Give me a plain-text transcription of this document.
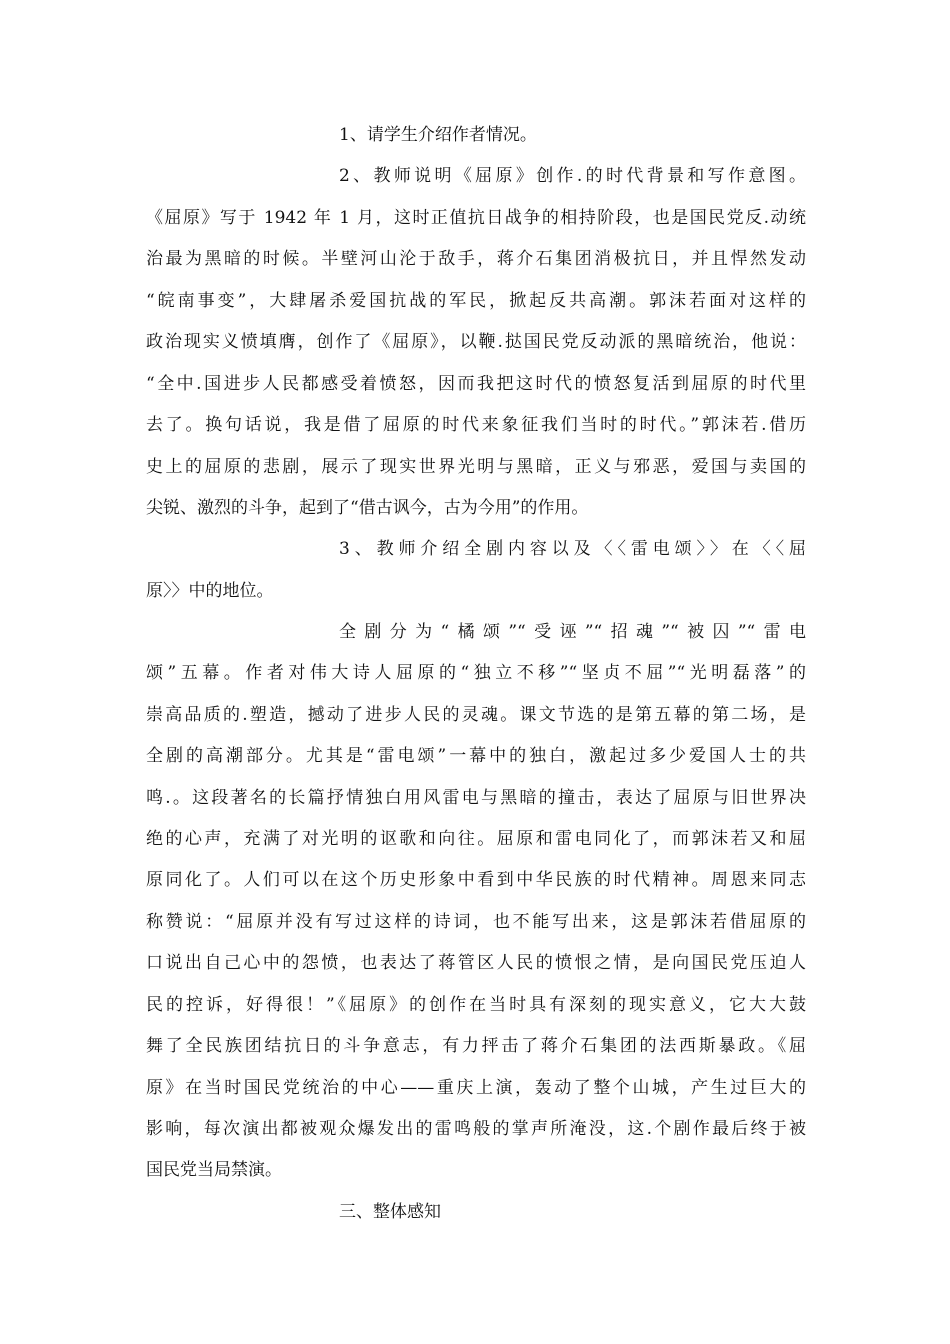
1、请学生介绍作者情况。
2、教师说明《屈原》创作.的时代背景和写作意图。
《屈原》写于 1942 年 1 月，这时正值抗日战争的相持阶段，也是国民党反.动统
治最为黑暗的时候。半壁河山沦于敌手，蒋介石集团消极抗日，并且悍然发动
“皖南事变”，大肆屠杀爱国抗战的军民，掀起反共高潮。郭沫若面对这样的
政治现实义愤填膺，创作了《屈原》，以鞭.挞国民党反动派的黑暗统治，他说：
“全中.国进步人民都感受着愤怒，因而我把这时代的愤怒复活到屈原的时代里
去了。换句话说，我是借了屈原的时代来象征我们当时的时代。”郭沫若.借历
史上的屈原的悲剧，展示了现实世界光明与黑暗，正义与邪恶，爱国与卖国的
尖锐、激烈的斗争，起到了“借古讽今，古为今用”的作用。
3、教师介绍全剧内容以及〈〈雷电颂〉〉在〈〈屈
原〉〉中的地位。
全剧分为“橘颂”“受诬”“招魂”“被囚”“雷电
颂”五幕。作者对伟大诗人屈原的“独立不移”“坚贞不屈”“光明磊落”的
崇高品质的.塑造，撼动了进步人民的灵魂。课文节选的是第五幕的第二场，是
全剧的高潮部分。尤其是“雷电颂”一幕中的独白，激起过多少爱国人士的共
鸣.。这段著名的长篇抒情独白用风雷电与黑暗的撞击，表达了屈原与旧世界决
绝的心声，充满了对光明的讴歌和向往。屈原和雷电同化了，而郭沫若又和屈
原同化了。人们可以在这个历史形象中看到中华民族的时代精神。周恩来同志
称赞说：“屈原并没有写过这样的诗词，也不能写出来，这是郭沫若借屈原的
口说出自己心中的怨愤，也表达了蒋管区人民的愤恨之情，是向国民党压迫人
民的控诉，好得很！”《屈原》的创作在当时具有深刻的现实意义，它大大鼓
舞了全民族团结抗日的斗争意志，有力抨击了蒋介石集团的法西斯暴政。《屈
原》在当时国民党统治的中心——重庆上演，轰动了整个山城，产生过巨大的
影响，每次演出都被观众爆发出的雷鸣般的掌声所淹没，这.个剧作最后终于被
国民党当局禁演。
三、整体感知
